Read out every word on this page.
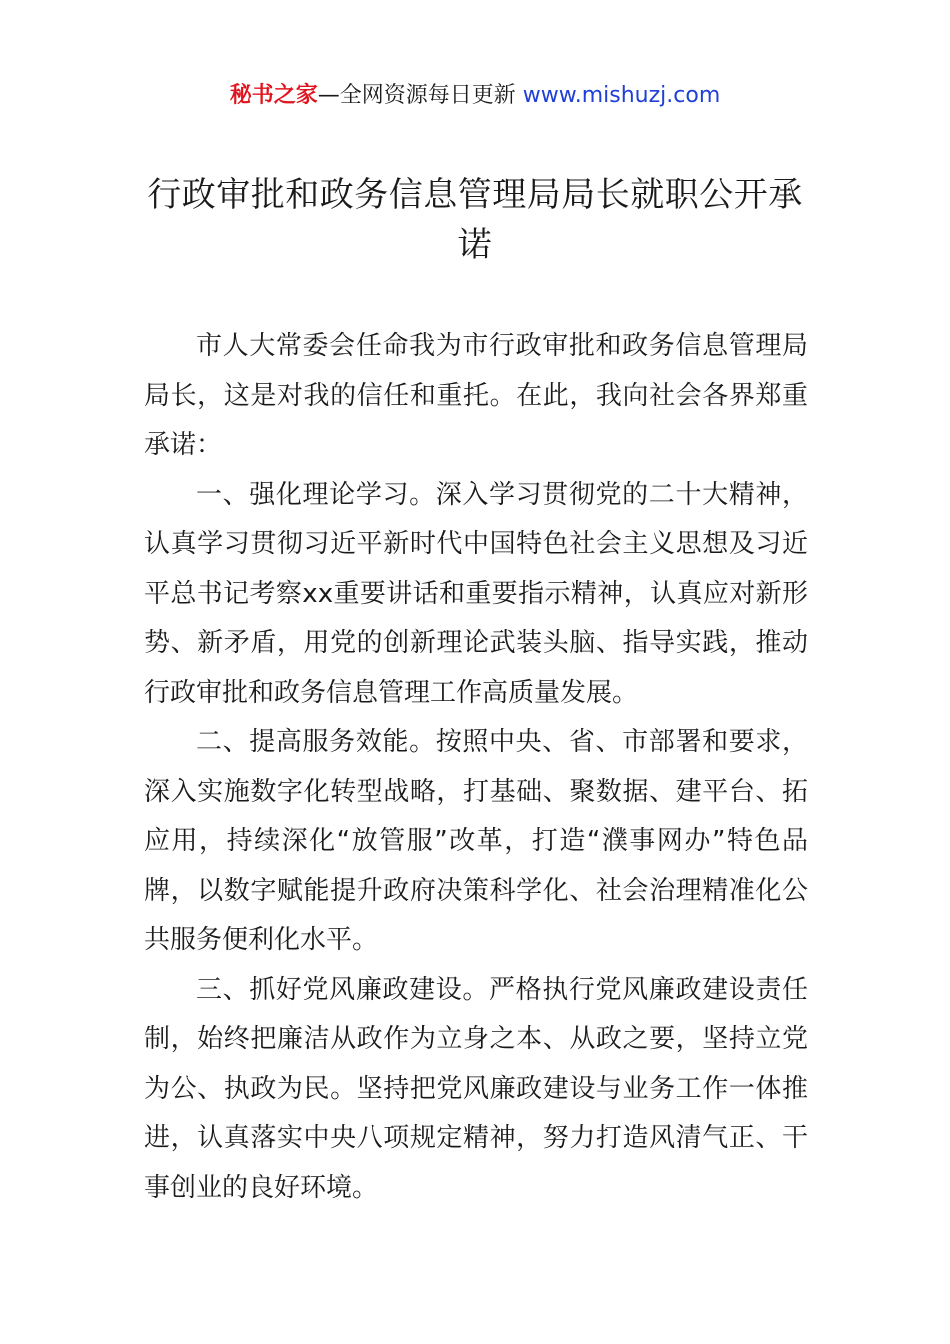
秘书之家—全网资源每日更新 www.mishuzj.com
行政审批和政务信息管理局局长就职公开承诺

市人大常委会任命我为市行政审批和政务信息管理局局长，这是对我的信任和重托。在此，我向社会各界郑重承诺：

一、强化理论学习。深入学习贯彻党的二十大精神，认真学习贯彻习近平新时代中国特色社会主义思想及习近平总书记考察xx重要讲话和重要指示精神，认真应对新形势、新矛盾，用党的创新理论武装头脑、指导实践，推动行政审批和政务信息管理工作高质量发展。

二、提高服务效能。按照中央、省、市部署和要求，深入实施数字化转型战略，打基础、聚数据、建平台、拓应用，持续深化“放管服”改革，打造“濮事网办”特色品牌，以数字赋能提升政府决策科学化、社会治理精准化公共服务便利化水平。

三、抓好党风廉政建设。严格执行党风廉政建设责任制，始终把廉洁从政作为立身之本、从政之要，坚持立党为公、执政为民。坚持把党风廉政建设与业务工作一体推进，认真落实中央八项规定精神，努力打造风清气正、干事创业的良好环境。
